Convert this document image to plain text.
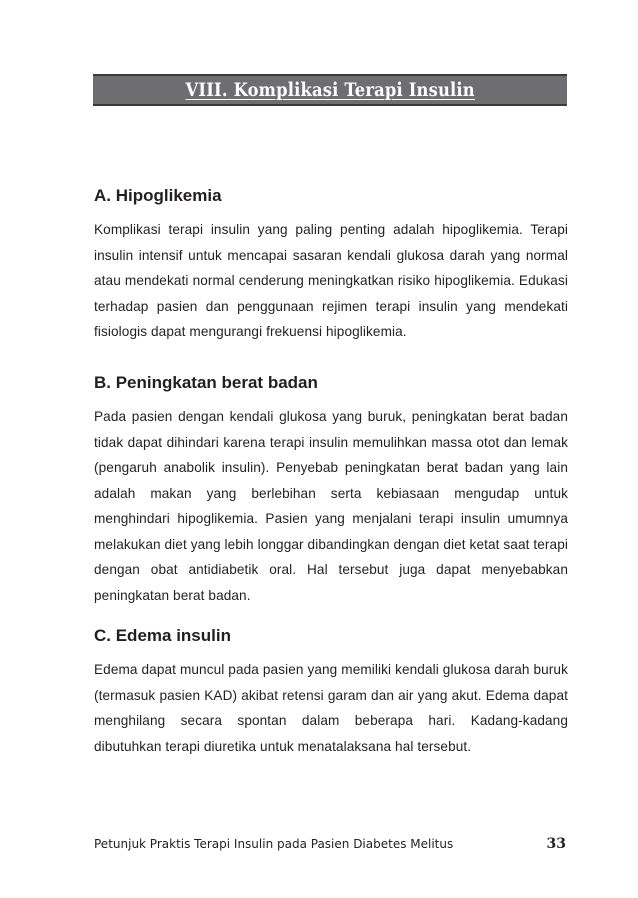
VIII. Komplikasi Terapi Insulin
A. Hipoglikemia

Komplikasi terapi insulin yang paling penting adalah hipoglikemia. Terapi insulin intensif untuk mencapai sasaran kendali glukosa darah yang normal atau mendekati normal cenderung meningkatkan risiko hipoglikemia. Edukasi terhadap pasien dan penggunaan rejimen terapi insulin yang mendekati fisiologis dapat mengurangi frekuensi hipoglikemia.

B. Peningkatan berat badan

Pada pasien dengan kendali glukosa yang buruk, peningkatan berat badan tidak dapat dihindari karena terapi insulin memulihkan massa otot dan lemak (pengaruh anabolik insulin). Penyebab peningkatan berat badan yang lain adalah makan yang berlebihan serta kebiasaan mengudap untuk menghindari hipoglikemia. Pasien yang menjalani terapi insulin umumnya melakukan diet yang lebih longgar dibandingkan dengan diet ketat saat terapi dengan obat antidiabetik oral. Hal tersebut juga dapat menyebabkan peningkatan berat badan.

C. Edema insulin

Edema dapat muncul pada pasien yang memiliki kendali glukosa darah buruk (termasuk pasien KAD) akibat retensi garam dan air yang akut. Edema dapat menghilang secara spontan dalam beberapa hari. Kadang-kadang dibutuhkan terapi diuretika untuk menatalaksana hal tersebut.

Petunjuk Praktis Terapi Insulin pada Pasien Diabetes Melitus	33
